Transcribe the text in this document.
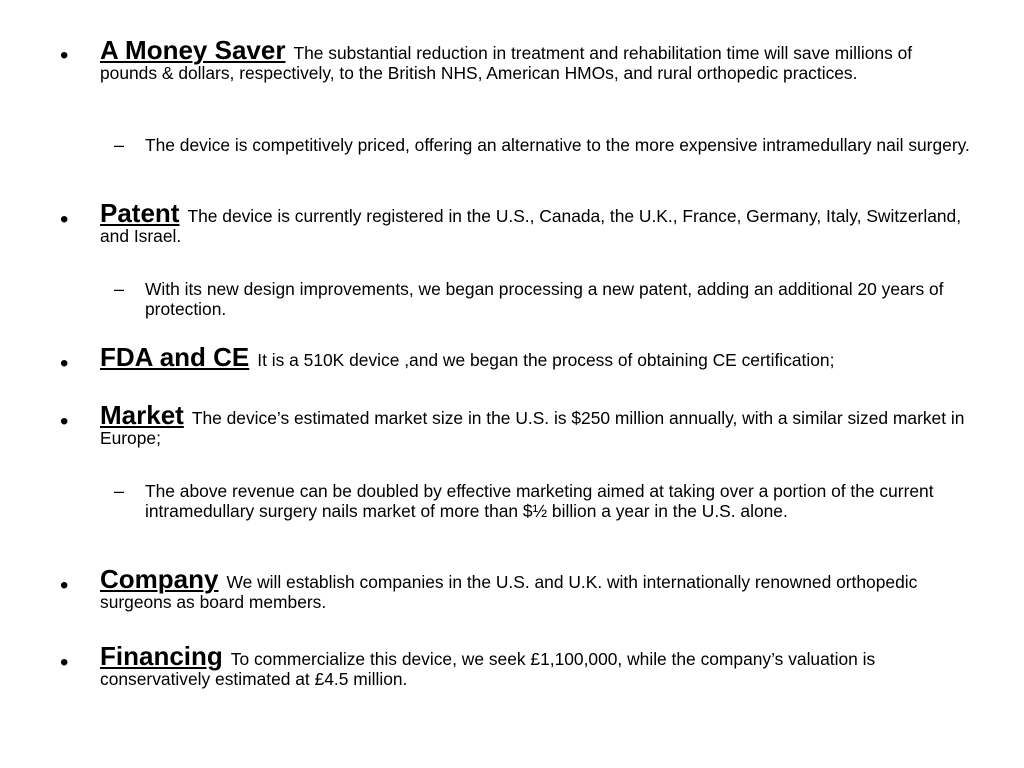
• A Money Saver The substantial reduction in treatment and rehabilitation time will save millions of pounds & dollars, respectively, to the British NHS, American HMOs, and rural orthopedic practices.
– The device is competitively priced, offering an alternative to the more expensive intramedullary nail surgery.
• Patent The device is currently registered in the U.S., Canada, the U.K., France, Germany, Italy, Switzerland, and Israel.
– With its new design improvements, we began processing a new patent, adding an additional 20 years of protection.
• FDA and CE It is a 510K device ,and we began the process of obtaining CE certification;
• Market The device’s estimated market size in the U.S. is $250 million annually, with a similar sized market in Europe;
– The above revenue can be doubled by effective marketing aimed at taking over a portion of the current intramedullary surgery nails market of more than $½ billion a year in the U.S. alone.
• Company We will establish companies in the U.S. and U.K. with internationally renowned orthopedic surgeons as board members.
• Financing To commercialize this device, we seek £1,100,000, while the company’s valuation is conservatively estimated at £4.5 million.
